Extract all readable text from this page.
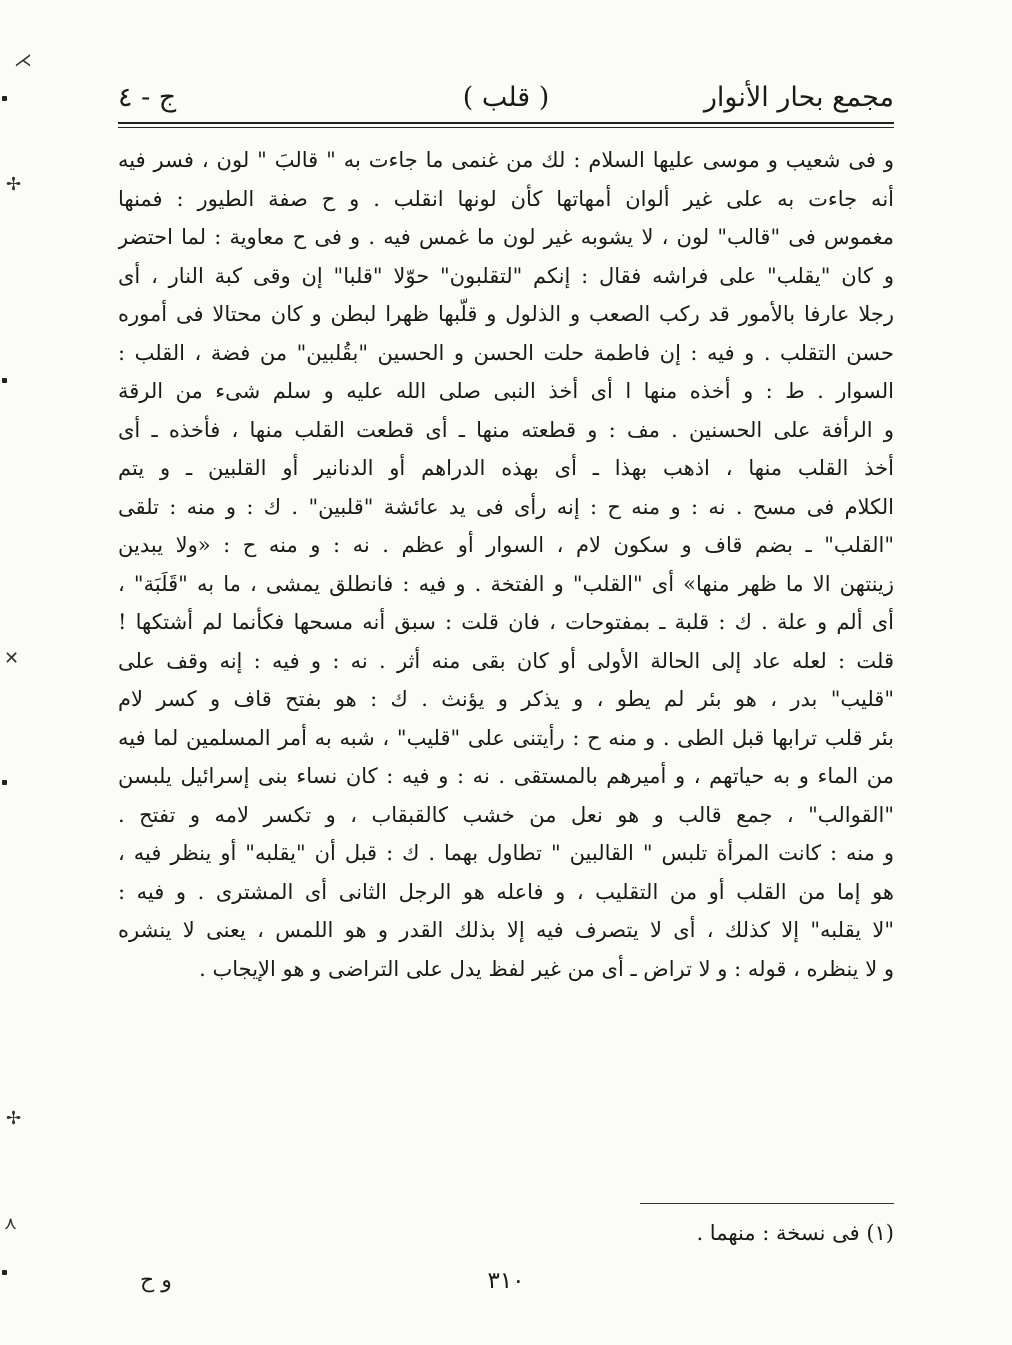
مجمع بحار الأنوار
( قلب )
ج - ٤
و فى شعيب و موسى عليها السلام : لك من غنمى ما جاءت به " قالبَ " لون ، فسر فيه
أنه جاءت به على غير ألوان أمهاتها كأن لونها انقلب . و ح صفة الطيور : فمنها
مغموس فى "قالب" لون ، لا يشوبه غير لون ما غمس فيه . و فى ح معاوية : لما احتضر
و كان "يقلب" على فراشه فقال : إنكم "لتقلبون" حوّلا "قلبا" إن وقى كبة النار ، أى
رجلا عارفا بالأمور قد ركب الصعب و الذلول و قلّبها ظهرا لبطن و كان محتالا فى أموره
حسن التقلب . و فيه : إن فاطمة حلت الحسن و الحسين "بقُلبين" من فضة ، القلب :
السوار . ط : و أخذه منها ا أى أخذ النبى صلى الله عليه و سلم شىء من الرقة
و الرأفة على الحسنين . مف : و قطعته منها ـ أى قطعت القلب منها ، فأخذه ـ أى
أخذ القلب منها ، اذهب بهذا ـ أى بهذه الدراهم أو الدنانير أو القلبين ـ و يتم
الكلام فى مسح . نه : و منه ح : إنه رأى فى يد عائشة "قلبين" . ك : و منه : تلقى
"القلب" ـ بضم قاف و سكون لام ، السوار أو عظم . نه : و منه ح : «ولا يبدين
زينتهن الا ما ظهر منها» أى "القلب" و الفتخة . و فيه : فانطلق يمشى ، ما به "قَلَبَة" ،
أى ألم و علة . ك : قلبة ـ بمفتوحات ، فان قلت : سبق أنه مسحها فكأنما لم أشتكها !
قلت : لعله عاد إلى الحالة الأولى أو كان بقى منه أثر . نه : و فيه : إنه وقف على
"قليب" بدر ، هو بئر لم يطو ، و يذكر و يؤنث . ك : هو بفتح قاف و كسر لام
بئر قلب ترابها قبل الطى . و منه ح : رأيتنى على "قليب" ، شبه به أمر المسلمين لما فيه
من الماء و به حياتهم ، و أميرهم بالمستقى . نه : و فيه : كان نساء بنى إسرائيل يلبسن
"القوالب" ، جمع قالب و هو نعل من خشب كالقبقاب ، و تكسر لامه و تفتح .
و منه : كانت المرأة تلبس " القالبين " تطاول بهما . ك : قبل أن "يقلبه" أو ينظر فيه ،
هو إما من القلب أو من التقليب ، و فاعله هو الرجل الثانى أى المشترى . و فيه :
"لا يقلبه" إلا كذلك ، أى لا يتصرف فيه إلا بذلك القدر و هو اللمس ، يعنى لا ينشره
و لا ينظره ، قوله : و لا تراض ـ أى من غير لفظ يدل على التراضى و هو الإيجاب .
(١) فى نسخة : منهما .
٣١٠
و ح
⋌
✢
✕
✢
⋏
